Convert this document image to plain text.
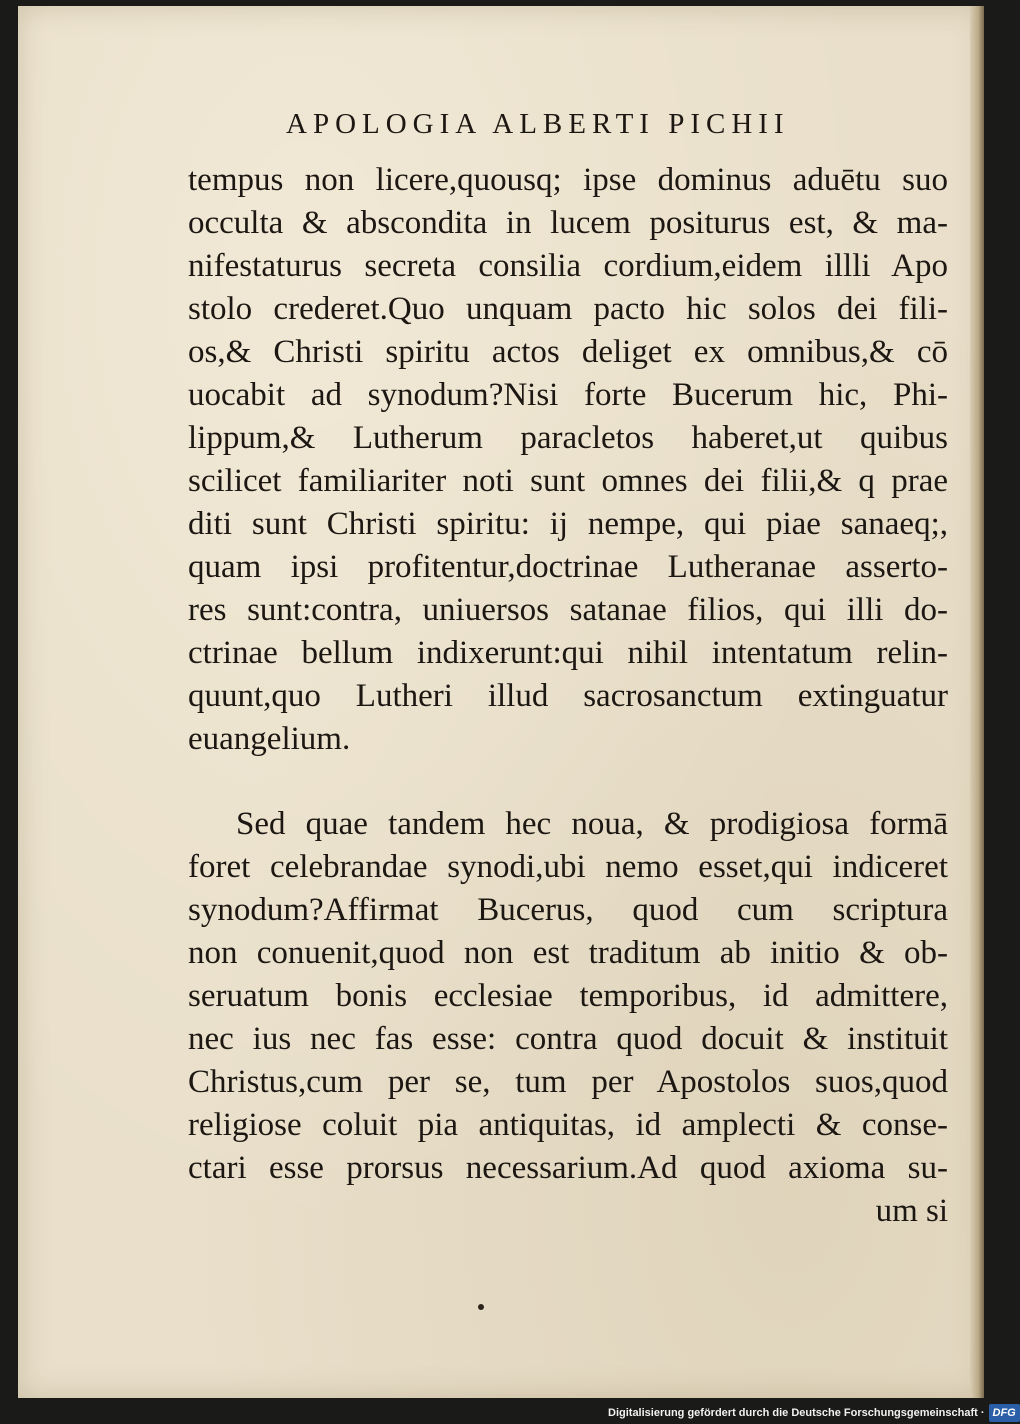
APOLOGIA ALBERTI PICHII
tempus non licere,quousq; ipse dominus aduētu suo
occulta & abscondita in lucem positurus est, & ma-
nifestaturus secreta consilia cordium,eidem illli Apo
stolo crederet.Quo unquam pacto hic solos dei fili-
os,& Christi spiritu actos deliget ex omnibus,& cō
uocabit ad synodum?Nisi forte Bucerum hic, Phi-
lippum,& Lutherum paracletos haberet,ut quibus
scilicet familiariter noti sunt omnes dei filii,& q prae
diti sunt Christi spiritu: ij nempe, qui piae sanaeq;,
quam ipsi profitentur,doctrinae Lutheranae asserto-
res sunt:contra, uniuersos satanae filios, qui illi do-
ctrinae bellum indixerunt:qui nihil intentatum relin-
quunt,quo Lutheri illud sacrosanctum extinguatur
euangelium.
Sed quae tandem hec noua, & prodigiosa formā
foret celebrandae synodi,ubi nemo esset,qui indiceret
synodum?Affirmat Bucerus, quod cum scriptura
non conuenit,quod non est traditum ab initio & ob-
seruatum bonis ecclesiae temporibus, id admittere,
nec ius nec fas esse: contra quod docuit & instituit
Christus,cum per se, tum per Apostolos suos,quod
religiose coluit pia antiquitas, id amplecti & conse-
ctari esse prorsus necessarium.Ad quod axioma su-
um si
Digitalisierung gefördert durch die Deutsche Forschungsgemeinschaft · DFG
